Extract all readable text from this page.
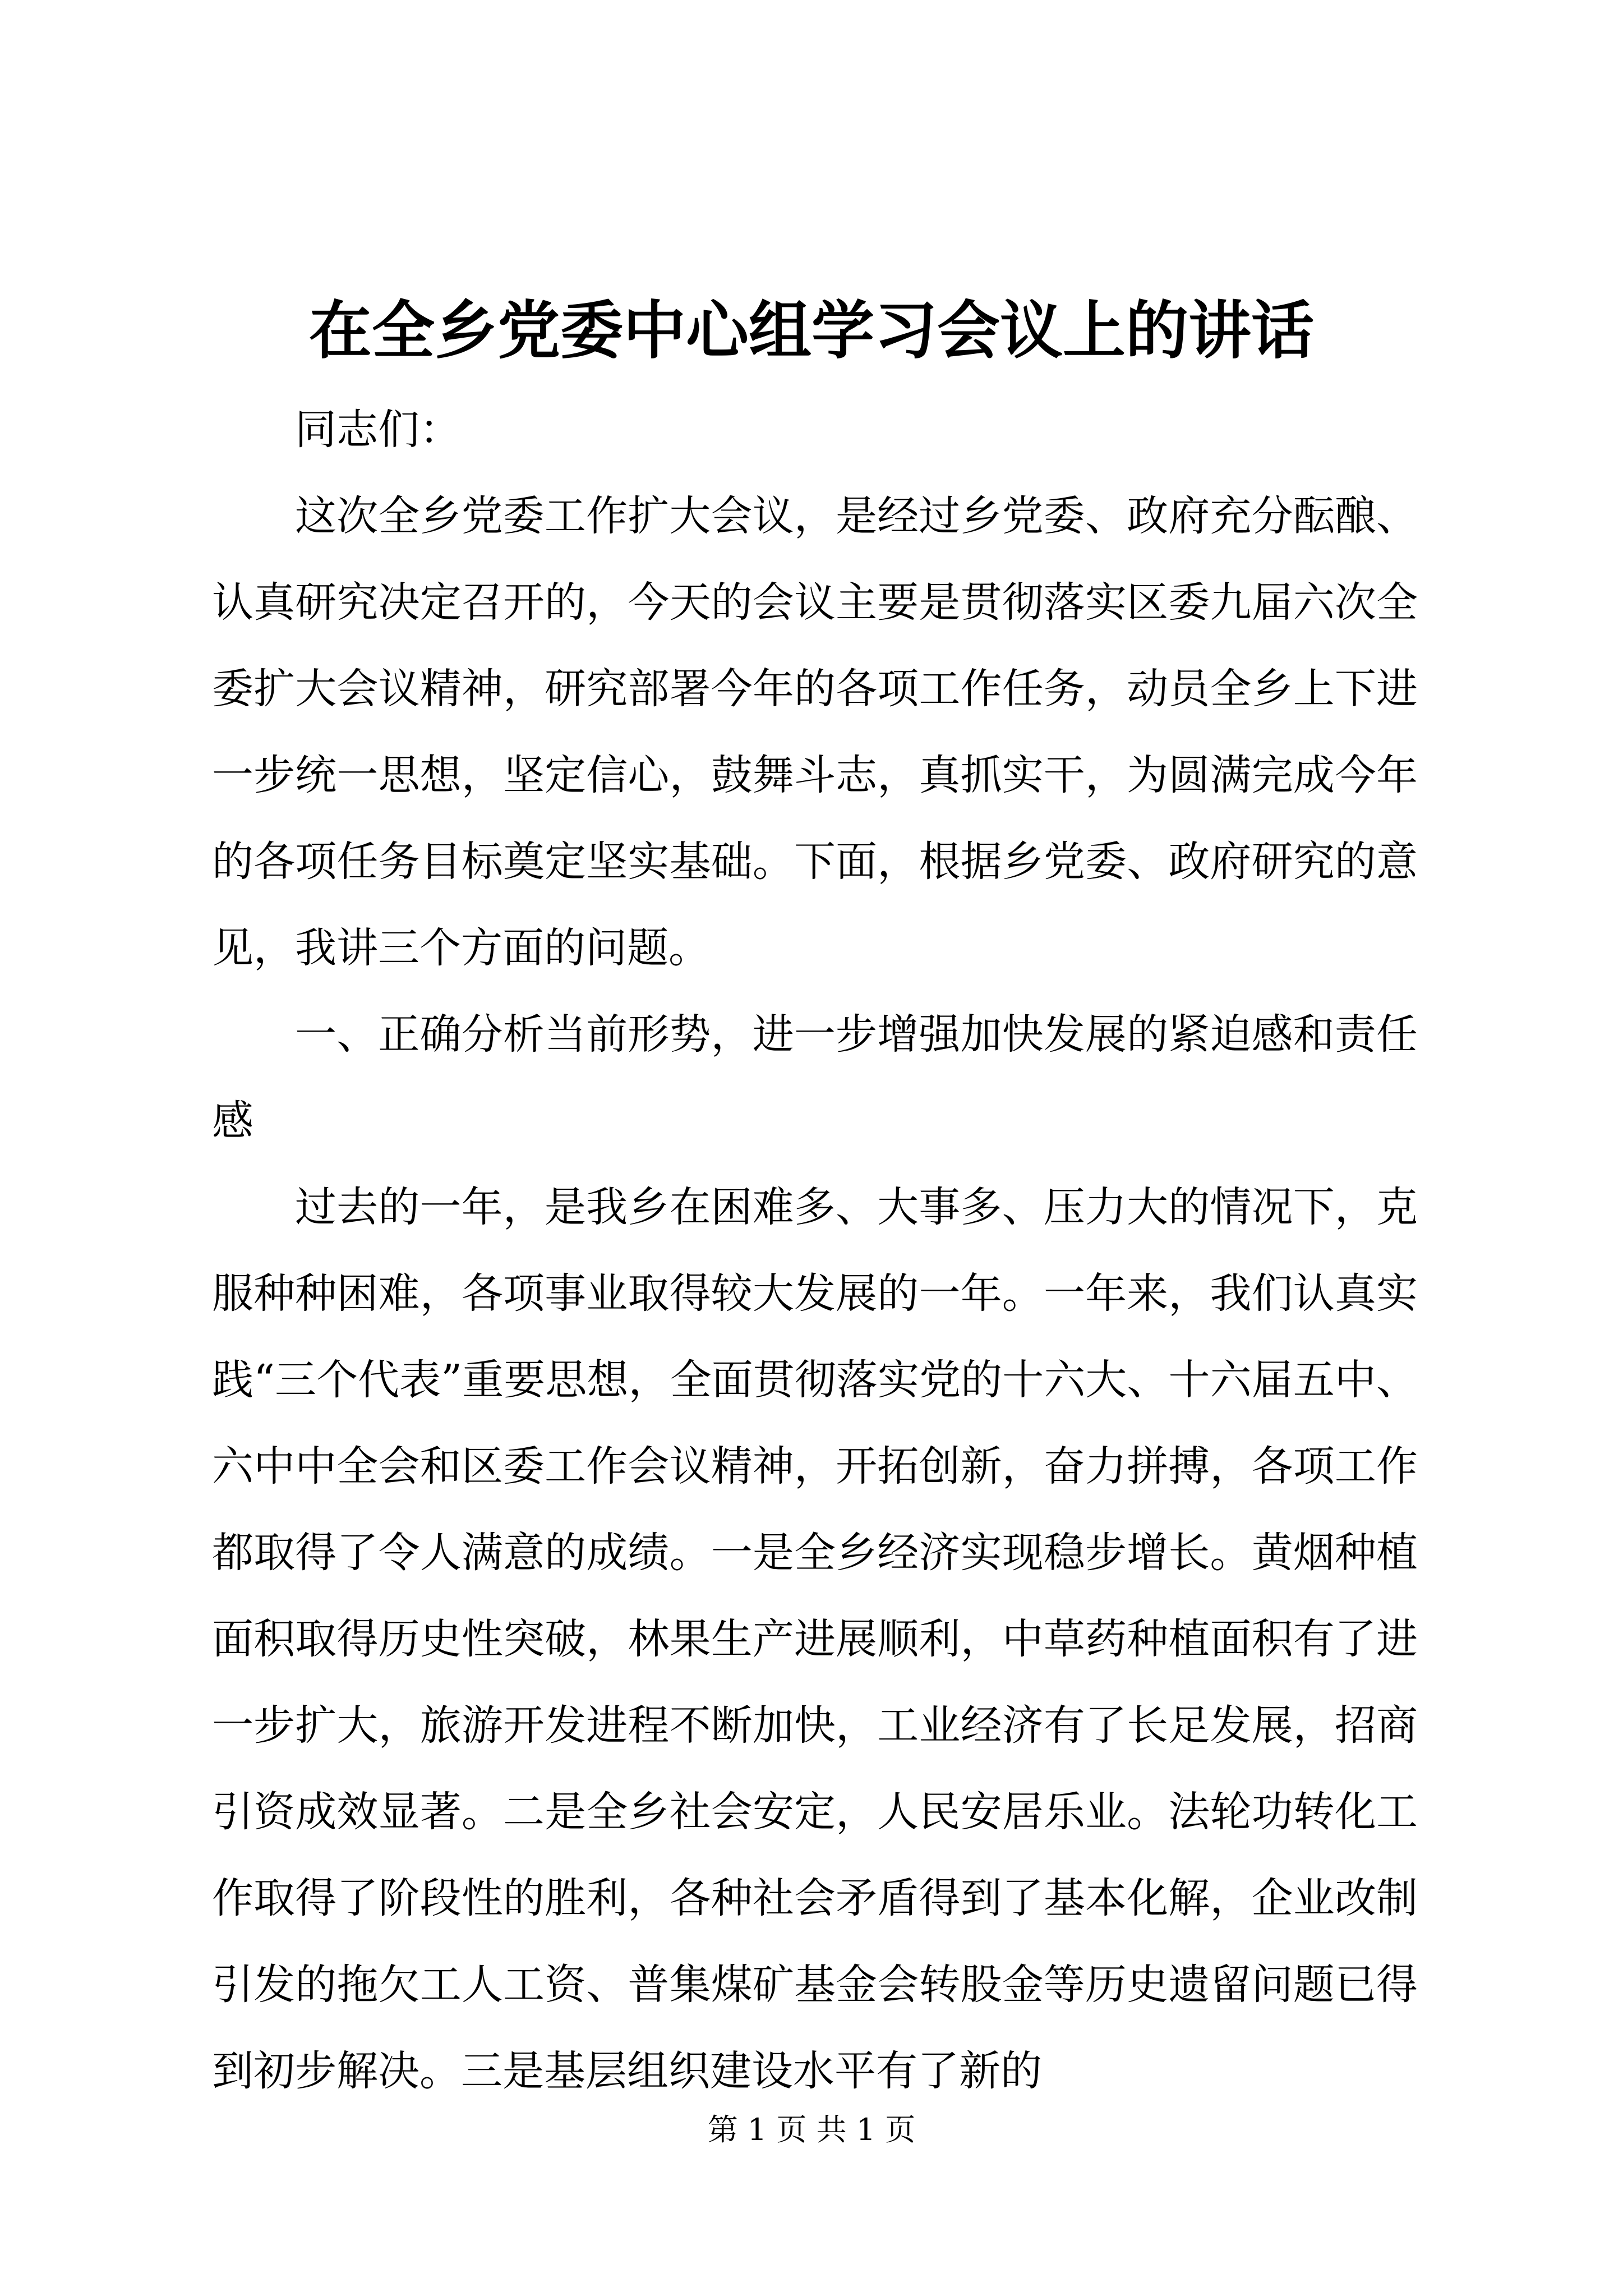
在全乡党委中心组学习会议上的讲话

同志们：

这次全乡党委工作扩大会议，是经过乡党委、政府充分酝酿、认真研究决定召开的，今天的会议主要是贯彻落实区委九届六次全委扩大会议精神，研究部署今年的各项工作任务，动员全乡上下进一步统一思想，坚定信心，鼓舞斗志，真抓实干，为圆满完成今年的各项任务目标奠定坚实基础。下面，根据乡党委、政府研究的意见，我讲三个方面的问题。

一、正确分析当前形势，进一步增强加快发展的紧迫感和责任感

过去的一年，是我乡在困难多、大事多、压力大的情况下，克服种种困难，各项事业取得较大发展的一年。一年来，我们认真实践“三个代表”重要思想，全面贯彻落实党的十六大、十六届五中、六中中全会和区委工作会议精神，开拓创新，奋力拼搏，各项工作都取得了令人满意的成绩。一是全乡经济实现稳步增长。黄烟种植面积取得历史性突破，林果生产进展顺利，中草药种植面积有了进一步扩大，旅游开发进程不断加快，工业经济有了长足发展，招商引资成效显著。二是全乡社会安定，人民安居乐业。法轮功转化工作取得了阶段性的胜利，各种社会矛盾得到了基本化解，企业改制引发的拖欠工人工资、普集煤矿基金会转股金等历史遗留问题已得到初步解决。三是基层组织建设水平有了新的

第 1 页 共 1 页
